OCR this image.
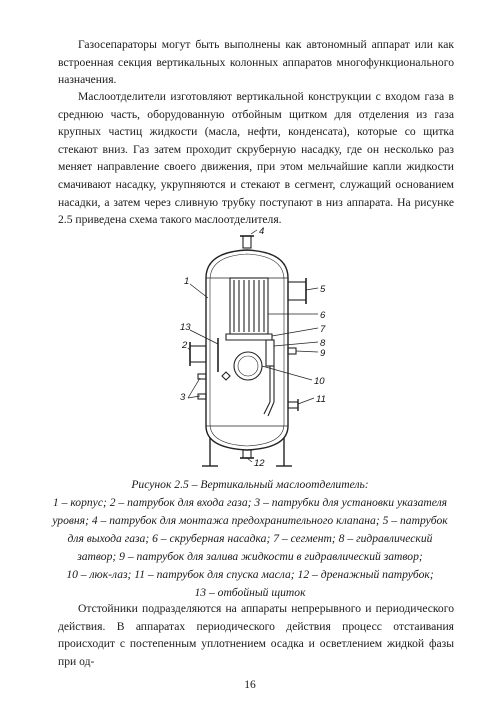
Газосепараторы могут быть выполнены как автономный аппарат или как встроенная секция вертикальных колонных аппаратов многофункционального назначения.

Маслоотделители изготовляют вертикальной конструкции с входом газа в среднюю часть, оборудованную отбойным щитком для отделения из газа крупных частиц жидкости (масла, нефти, конденсата), которые со щитка стекают вниз. Газ затем проходит скруберную насадку, где он несколько раз меняет направление своего движения, при этом мельчайшие капли жидкости смачивают насадку, укрупняются и стекают в сегмент, служащий основанием насадки, а затем через сливную трубку поступают в низ аппарата. На рисунке 2.5 приведена схема такого маслоотделителя.

4
1
5
6
7
13
8
2
9
10
3	11
12
Рисунок 2.5 – Вертикальный маслоотделитель:
1 – корпус; 2 – патрубок для входа газа; 3 – патрубки для установки указателя
уровня; 4 – патрубок для монтажа предохранительного клапана; 5 – патрубок
для выхода газа; 6 – скруберная насадка; 7 – сегмент; 8 – гидравлический
затвор; 9 – патрубок для залива жидкости в гидравлический затвор;
10 – люк-лаз; 11 – патрубок для спуска масла; 12 – дренажный патрубок;
13 – отбойный щиток

Отстойники подразделяются на аппараты непрерывного и периодического действия. В аппаратах периодического действия процесс отстаивания происходит с постепенным уплотнением осадка и осветлением жидкой фазы при од-

16
